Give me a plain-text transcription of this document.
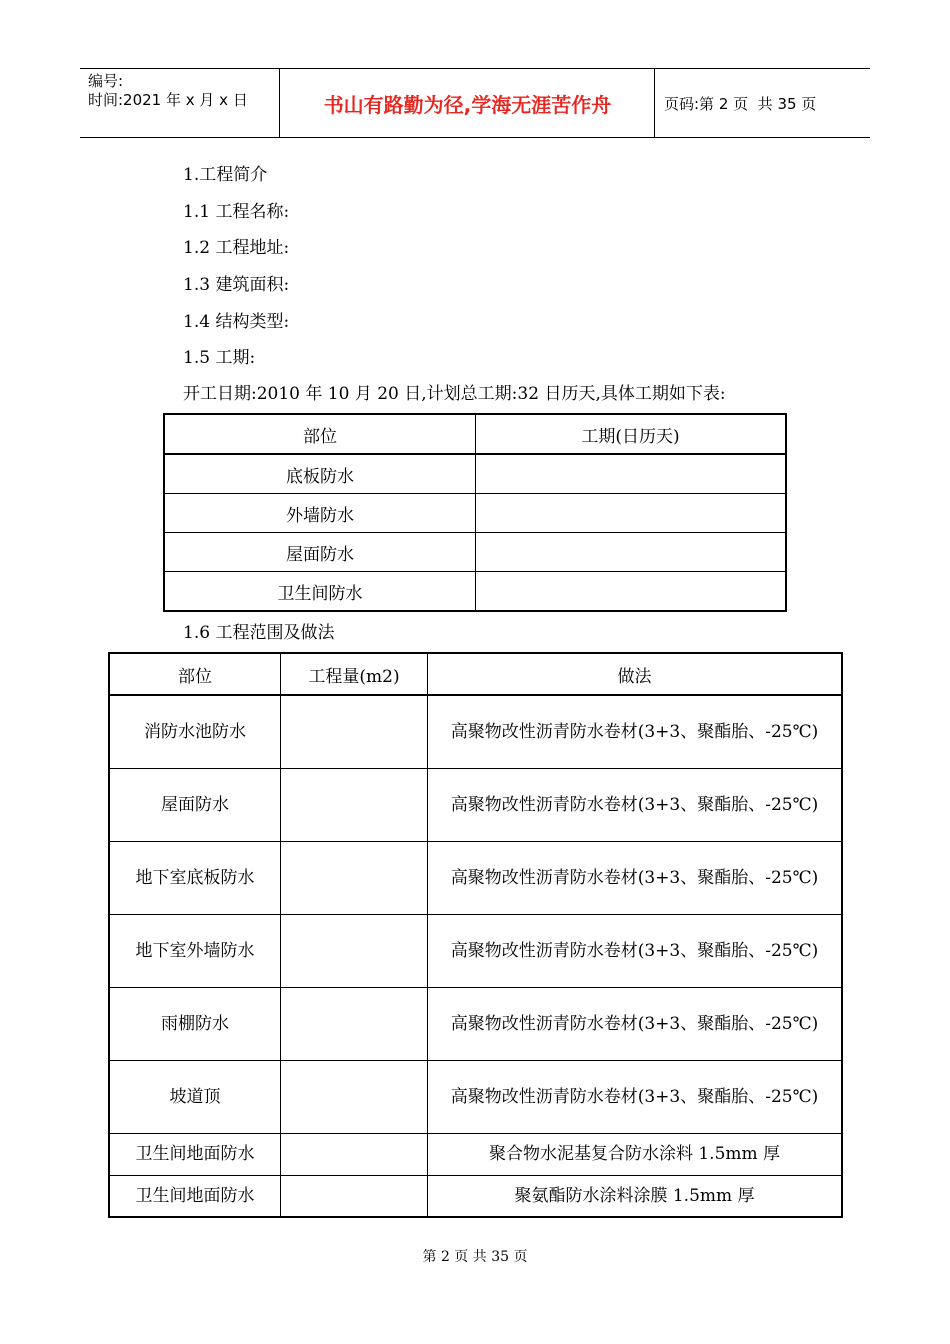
编号:
时间:2021 年 x 月 x 日	书山有路勤为径,学海无涯苦作舟	页码:第 2 页  共 35 页
1.工程简介
1.1 工程名称:
1.2 工程地址:
1.3 建筑面积:
1.4 结构类型:
1.5 工期:
开工日期:2010 年 10 月 20 日,计划总工期:32 日历天,具体工期如下表:
部位	工期(日历天)
底板防水	
外墙防水	
屋面防水	
卫生间防水	
1.6 工程范围及做法
部位	工程量(m2)	做法
消防水池防水		高聚物改性沥青防水卷材(3+3、聚酯胎、-25℃)
屋面防水		高聚物改性沥青防水卷材(3+3、聚酯胎、-25℃)
地下室底板防水		高聚物改性沥青防水卷材(3+3、聚酯胎、-25℃)
地下室外墙防水		高聚物改性沥青防水卷材(3+3、聚酯胎、-25℃)
雨棚防水		高聚物改性沥青防水卷材(3+3、聚酯胎、-25℃)
坡道顶		高聚物改性沥青防水卷材(3+3、聚酯胎、-25℃)
卫生间地面防水		聚合物水泥基复合防水涂料 1.5mm 厚
卫生间地面防水		聚氨酯防水涂料涂膜 1.5mm 厚
第 2 页 共 35 页
